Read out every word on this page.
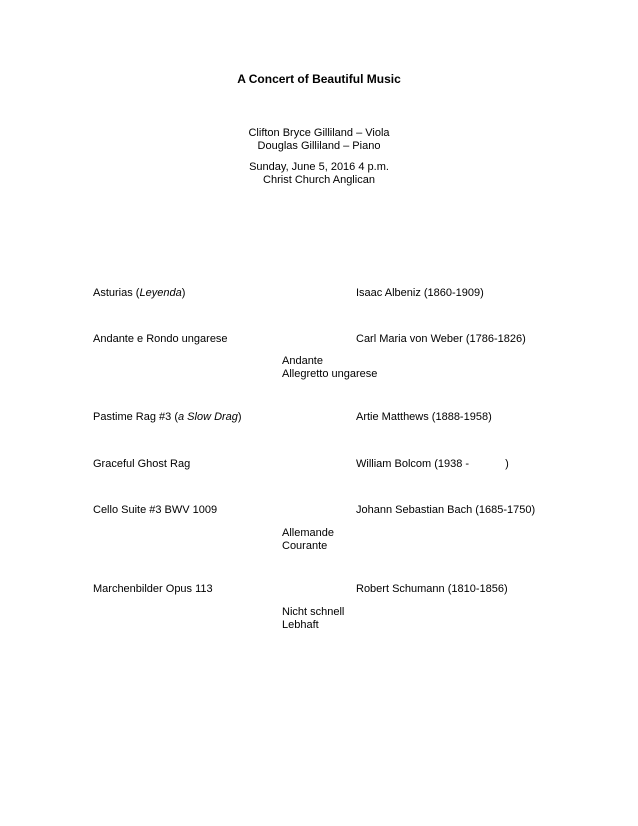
A Concert of Beautiful Music
Clifton Bryce Gilliland – Viola
Douglas Gilliland – Piano
Sunday, June 5, 2016 4 p.m.
Christ Church Anglican
Asturias (Leyenda)	Isaac Albeniz (1860-1909)
Andante e Rondo ungarese	Carl Maria von Weber (1786-1826)
Andante
Allegretto ungarese
Pastime Rag #3 (a Slow Drag)	Artie Matthews (1888-1958)
Graceful Ghost Rag	William Bolcom (1938 -	)
Cello Suite #3 BWV 1009	Johann Sebastian Bach (1685-1750)
Allemande
Courante
Marchenbilder Opus 113	Robert Schumann (1810-1856)
Nicht schnell
Lebhaft
